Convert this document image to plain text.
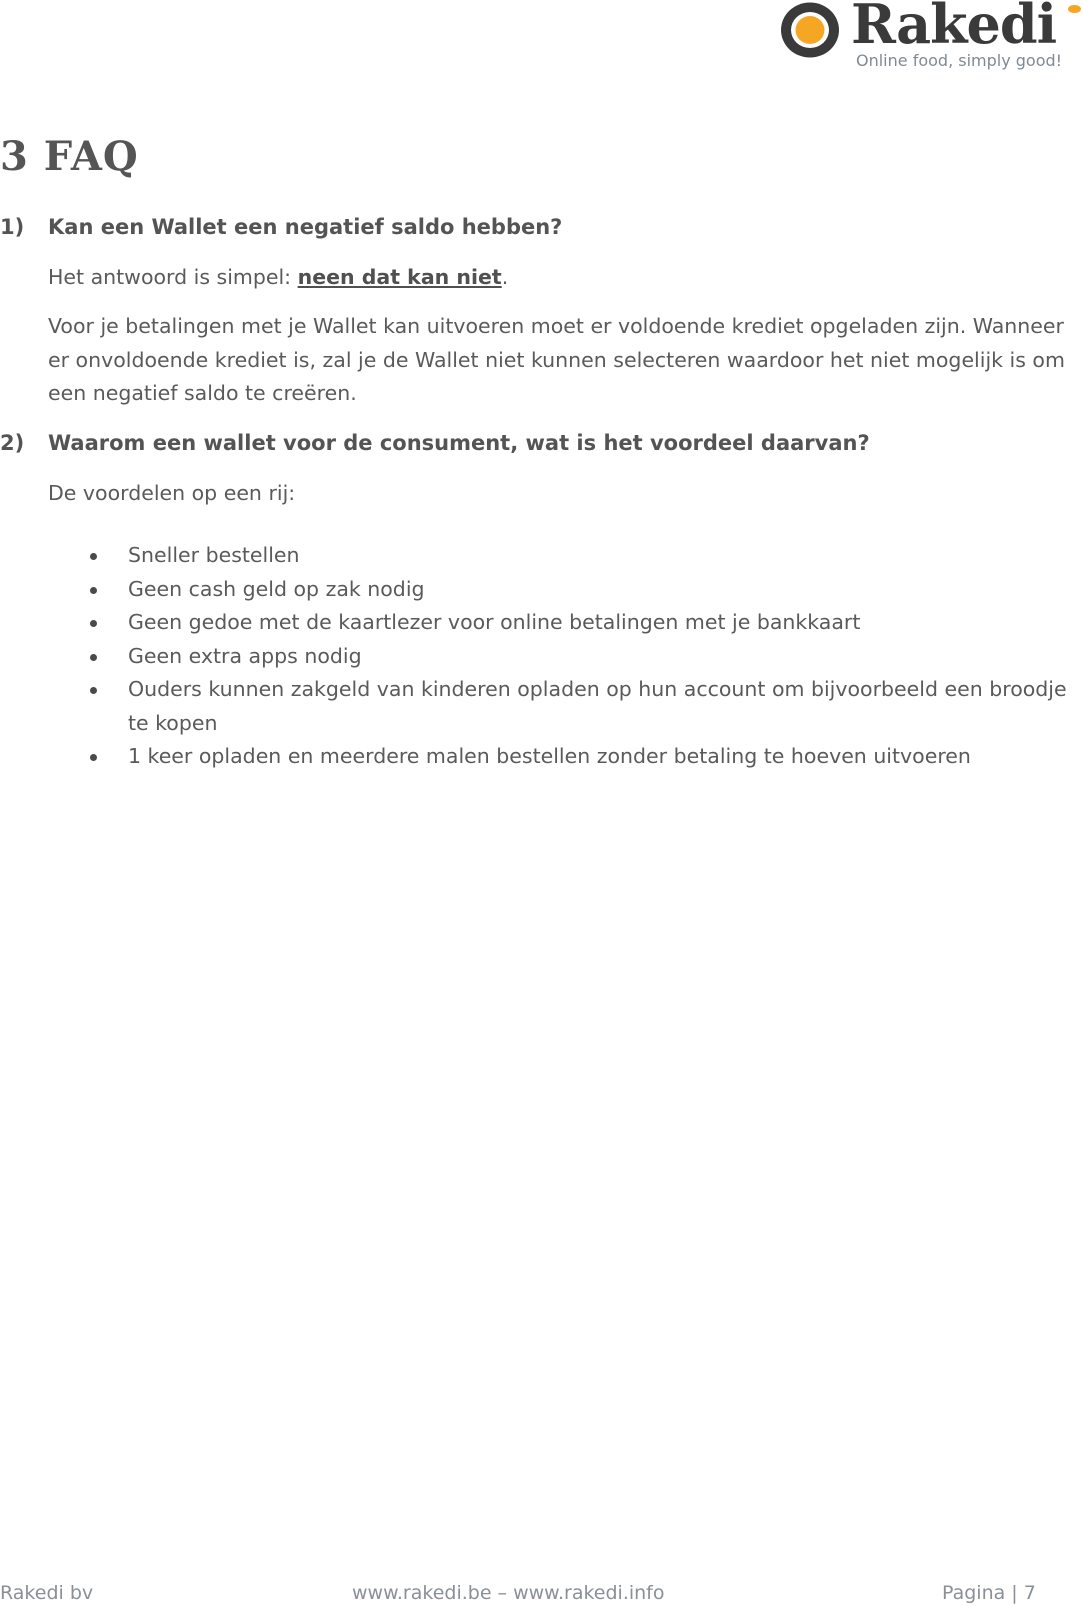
Rakedi
Online food, simply good!
3 FAQ
1) Kan een Wallet een negatief saldo hebben?

Het antwoord is simpel: neen dat kan niet.

Voor je betalingen met je Wallet kan uitvoeren moet er voldoende krediet opgeladen zijn. Wanneer er onvoldoende krediet is, zal je de Wallet niet kunnen selecteren waardoor het niet mogelijk is om een negatief saldo te creëren.

2) Waarom een wallet voor de consument, wat is het voordeel daarvan?

De voordelen op een rij:

Sneller bestellen
Geen cash geld op zak nodig
Geen gedoe met de kaartlezer voor online betalingen met je bankkaart
Geen extra apps nodig
Ouders kunnen zakgeld van kinderen opladen op hun account om bijvoorbeeld een broodje te kopen
1 keer opladen en meerdere malen bestellen zonder betaling te hoeven uitvoeren
Rakedi bv	www.rakedi.be – www.rakedi.info	Pagina | 7
